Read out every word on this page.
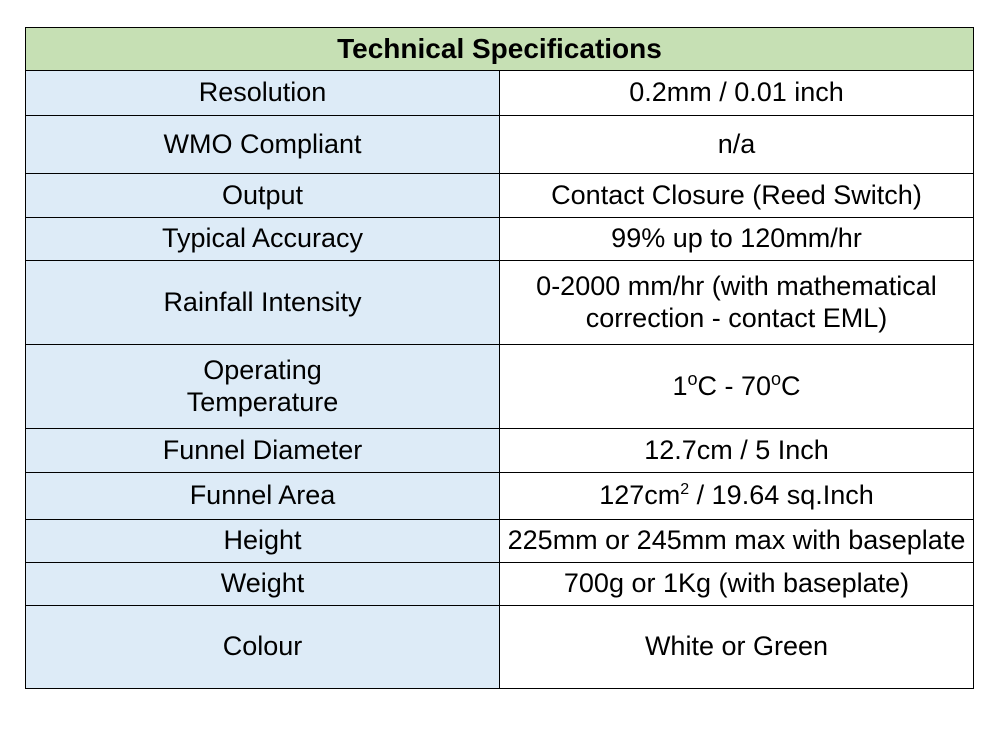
Technical Specifications	
Resolution	0.2mm / 0.01 inch
WMO Compliant	n/a
Output	Contact Closure (Reed Switch)
Typical Accuracy	99% up to 120mm/hr
Rainfall Intensity	0-2000 mm/hr (with mathematical
correction - contact EML)

Operating
Temperature	1$^o$C - 70$^o$C
Funnel Diameter	12.7cm / 5 Inch
Funnel Area	$127cm^2 / 19.64$ sq.Inch
Height	225mm or 245mm max with baseplate
Weight	700g or 1Kg (with baseplate)
Colour	White or Green
